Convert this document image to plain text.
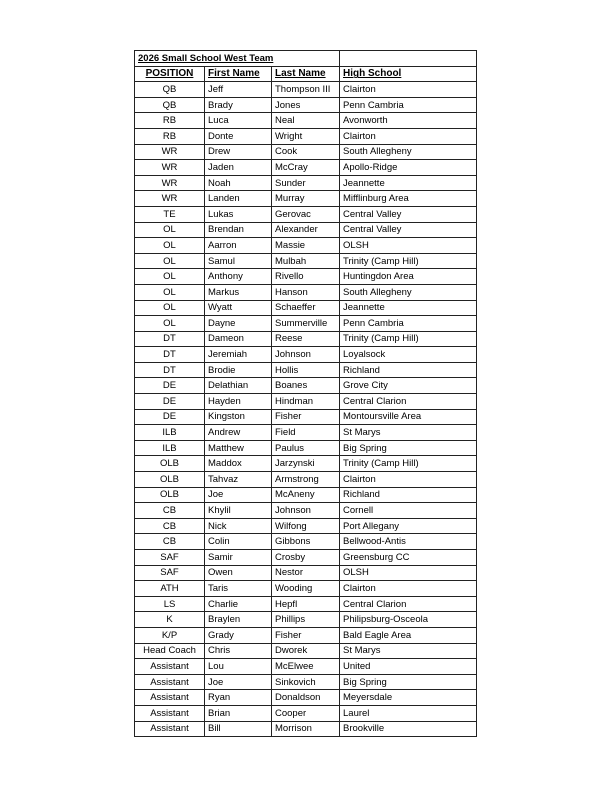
2026 Small School West Team			
POSITION	First Name	Last Name	High School
QB	Jeff	Thompson III	Clairton
QB	Brady	Jones	Penn Cambria
RB	Luca	Neal	Avonworth
RB	Donte	Wright	Clairton
WR	Drew	Cook	South Allegheny
WR	Jaden	McCray	Apollo-Ridge
WR	Noah	Sunder	Jeannette
WR	Landen	Murray	Mifflinburg Area
TE	Lukas	Gerovac	Central Valley
OL	Brendan	Alexander	Central Valley
OL	Aarron	Massie	OLSH
OL	Samul	Mulbah	Trinity (Camp Hill)
OL	Anthony	Rivello	Huntingdon Area
OL	Markus	Hanson	South Allegheny
OL	Wyatt	Schaeffer	Jeannette
OL	Dayne	Summerville	Penn Cambria
DT	Dameon	Reese	Trinity (Camp Hill)
DT	Jeremiah	Johnson	Loyalsock
DT	Brodie	Hollis	Richland
DE	Delathian	Boanes	Grove City
DE	Hayden	Hindman	Central Clarion
DE	Kingston	Fisher	Montoursville Area
ILB	Andrew	Field	St Marys
ILB	Matthew	Paulus	Big Spring
OLB	Maddox	Jarzynski	Trinity (Camp Hill)
OLB	Tahvaz	Armstrong	Clairton
OLB	Joe	McAneny	Richland
CB	Khylil	Johnson	Cornell
CB	Nick	Wilfong	Port Allegany
CB	Colin	Gibbons	Bellwood-Antis
SAF	Samir	Crosby	Greensburg CC
SAF	Owen	Nestor	OLSH
ATH	Taris	Wooding	Clairton
LS	Charlie	Hepfl	Central Clarion
K	Braylen	Phillips	Philipsburg-Osceola
K/P	Grady	Fisher	Bald Eagle Area
Head Coach	Chris	Dworek	St Marys
Assistant	Lou	McElwee	United
Assistant	Joe	Sinkovich	Big Spring
Assistant	Ryan	Donaldson	Meyersdale
Assistant	Brian	Cooper	Laurel
Assistant	Bill	Morrison	Brookville
